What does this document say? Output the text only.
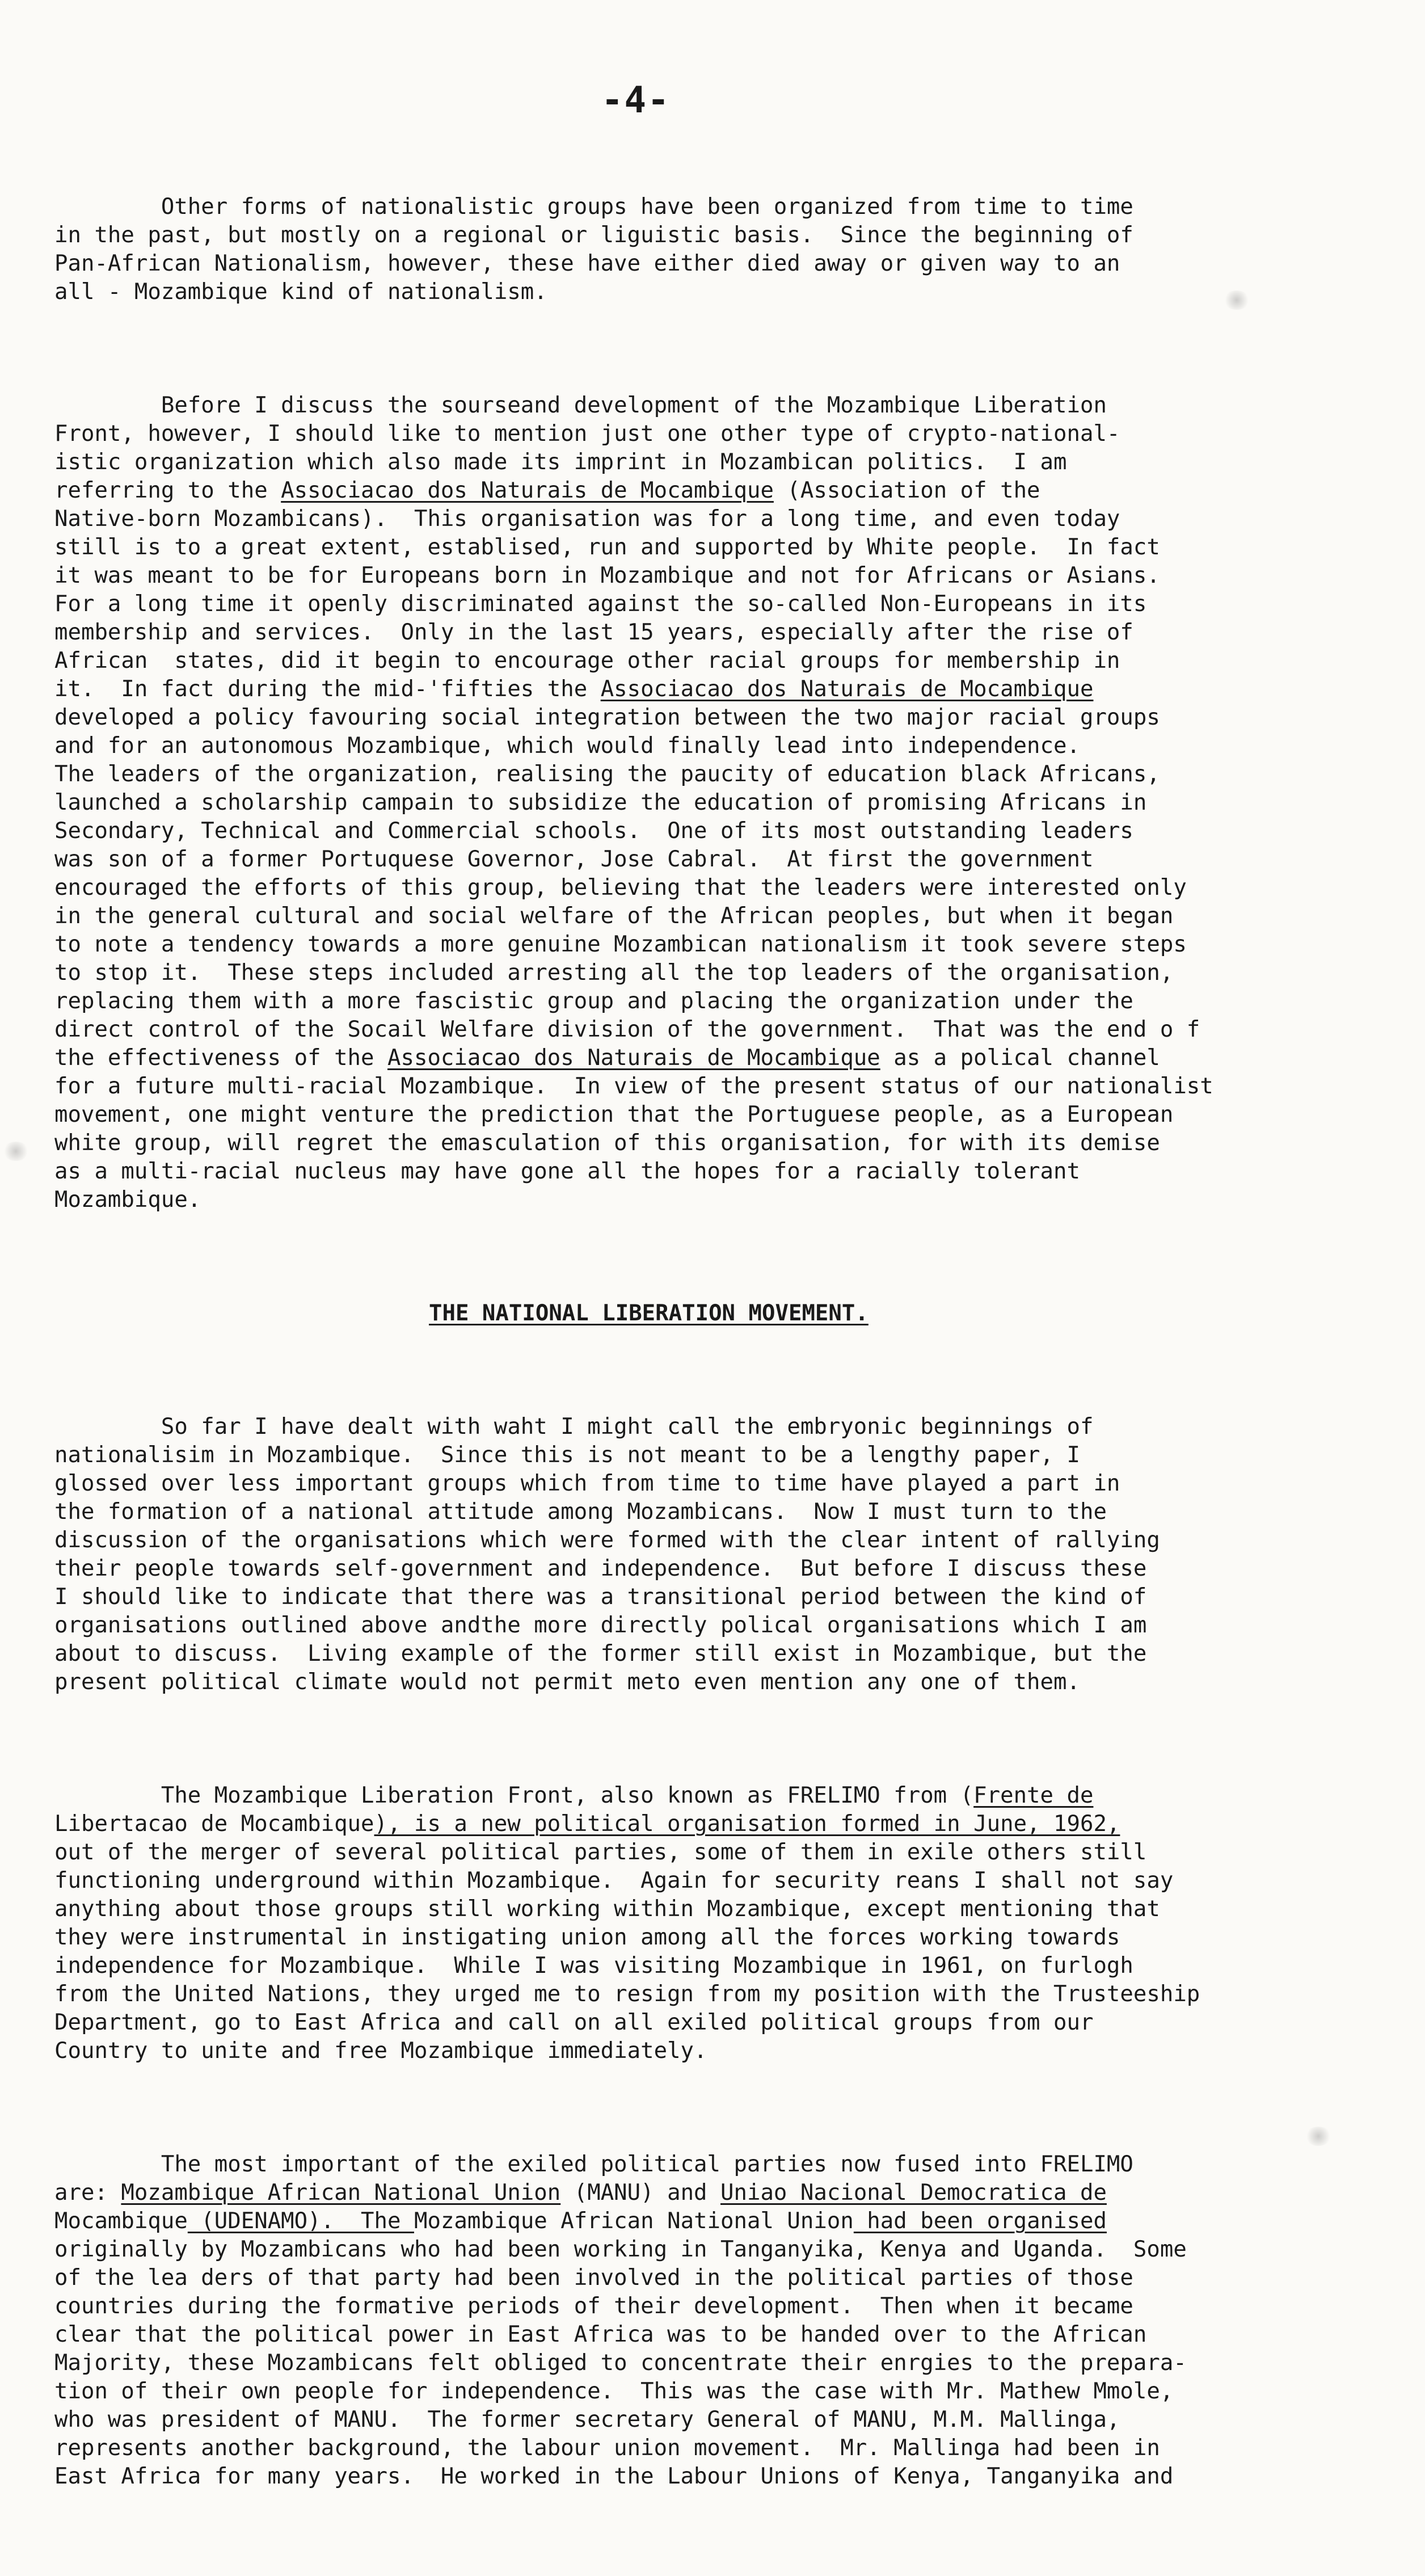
-4-

Other forms of nationalistic groups have been organized from time to time
in the past, but mostly on a regional or liguistic basis.  Since the beginning of
Pan-African Nationalism, however, these have either died away or given way to an
all - Mozambique kind of nationalism.

Before I discuss the sourseand development of the Mozambique Liberation
Front, however, I should like to mention just one other type of crypto-national-
istic organization which also made its imprint in Mozambican politics.  I am
referring to the Associacao dos Naturais de Mocambique (Association of the
Native-born Mozambicans).  This organisation was for a long time, and even today
still is to a great extent, establised, run and supported by White people.  In fact
it was meant to be for Europeans born in Mozambique and not for Africans or Asians.
For a long time it openly discriminated against the so-called Non-Europeans in its
membership and services.  Only in the last 15 years, especially after the rise of
African  states, did it begin to encourage other racial groups for membership in
it.  In fact during the mid-'fifties the Associacao dos Naturais de Mocambique
developed a policy favouring social integration between the two major racial groups
and for an autonomous Mozambique, which would finally lead into independence.
The leaders of the organization, realising the paucity of education black Africans,
launched a scholarship campain to subsidize the education of promising Africans in
Secondary, Technical and Commercial schools.  One of its most outstanding leaders
was son of a former Portuquese Governor, Jose Cabral.  At first the government
encouraged the efforts of this group, believing that the leaders were interested only
in the general cultural and social welfare of the African peoples, but when it began
to note a tendency towards a more genuine Mozambican nationalism it took severe steps
to stop it.  These steps included arresting all the top leaders of the organisation,
replacing them with a more fascistic group and placing the organization under the
direct control of the Socail Welfare division of the government.  That was the end o f
the effectiveness of the Associacao dos Naturais de Mocambique as a polical channel
for a future multi-racial Mozambique.  In view of the present status of our nationalist
movement, one might venture the prediction that the Portuguese people, as a European
white group, will regret the emasculation of this organisation, for with its demise
as a multi-racial nucleus may have gone all the hopes for a racially tolerant
Mozambique.

THE NATIONAL LIBERATION MOVEMENT.

So far I have dealt with waht I might call the embryonic beginnings of
nationalisim in Mozambique.  Since this is not meant to be a lengthy paper, I
glossed over less important groups which from time to time have played a part in
the formation of a national attitude among Mozambicans.  Now I must turn to the
discussion of the organisations which were formed with the clear intent of rallying
their people towards self-government and independence.  But before I discuss these
I should like to indicate that there was a transitional period between the kind of
organisations outlined above andthe more directly polical organisations which I am
about to discuss.  Living example of the former still exist in Mozambique, but the
present political climate would not permit meto even mention any one of them.

The Mozambique Liberation Front, also known as FRELIMO from (Frente de
Libertacao de Mocambique), is a new political organisation formed in June, 1962,
out of the merger of several political parties, some of them in exile others still
functioning underground within Mozambique.  Again for security reans I shall not say
anything about those groups still working within Mozambique, except mentioning that
they were instrumental in instigating union among all the forces working towards
independence for Mozambique.  While I was visiting Mozambique in 1961, on furlogh
from the United Nations, they urged me to resign from my position with the Trusteeship
Department, go to East Africa and call on all exiled political groups from our
Country to unite and free Mozambique immediately.

The most important of the exiled political parties now fused into FRELIMO
are: Mozambique African National Union (MANU) and Uniao Nacional Democratica de
Mocambique (UDENAMO).  The Mozambique African National Union had been organised
originally by Mozambicans who had been working in Tanganyika, Kenya and Uganda.  Some
of the lea ders of that party had been involved in the political parties of those
countries during the formative periods of their development.  Then when it became
clear that the political power in East Africa was to be handed over to the African
Majority, these Mozambicans felt obliged to concentrate their enrgies to the prepara-
tion of their own people for independence.  This was the case with Mr. Mathew Mmole,
who was president of MANU.  The former secretary General of MANU, M.M. Mallinga,
represents another background, the labour union movement.  Mr. Mallinga had been in
East Africa for many years.  He worked in the Labour Unions of Kenya, Tanganyika and
